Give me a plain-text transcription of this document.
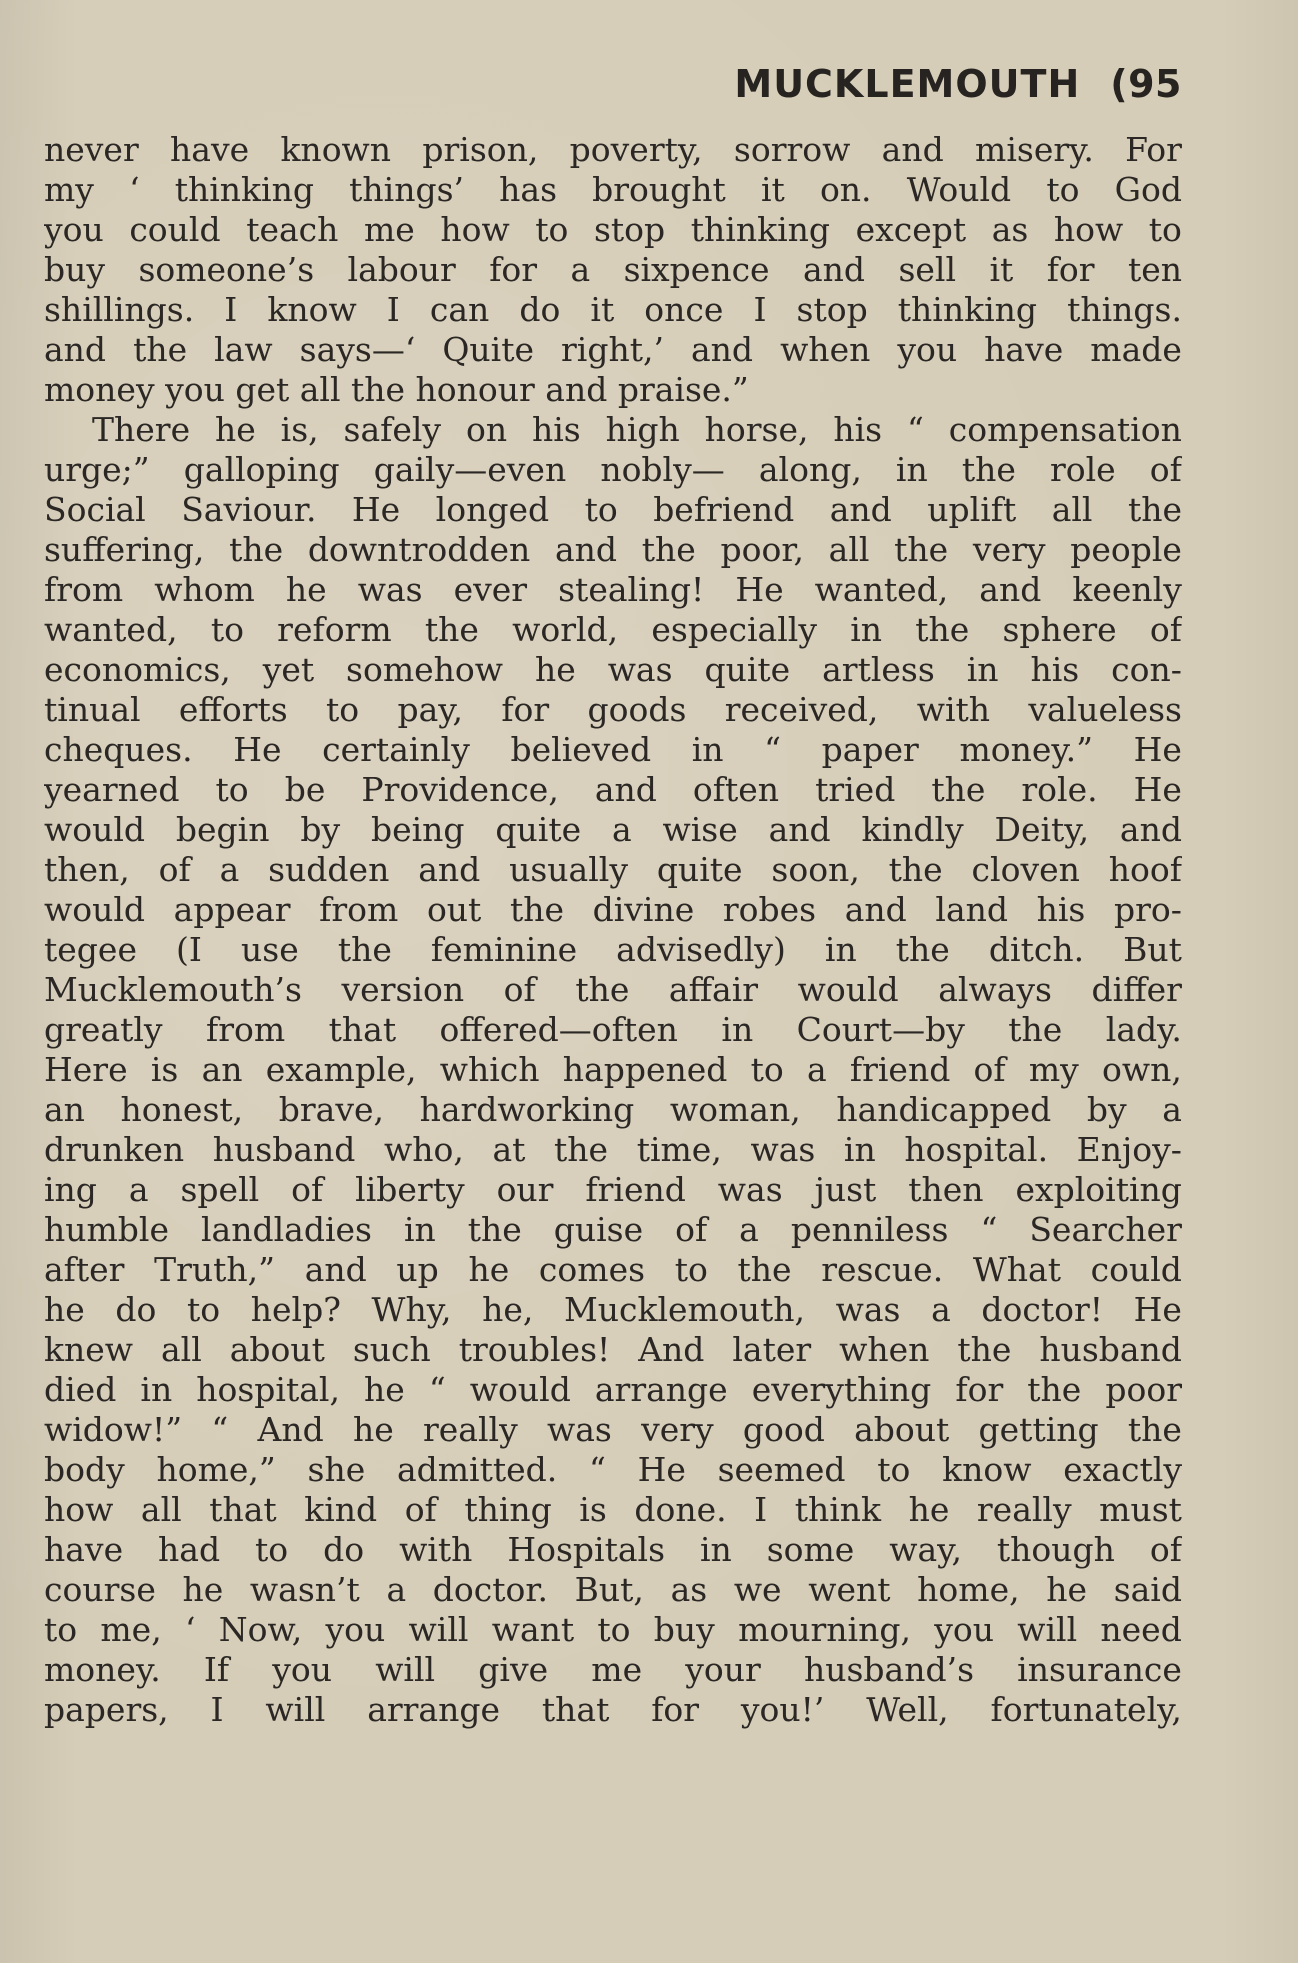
MUCKLEMOUTH (95
never have known prison, poverty, sorrow and misery. For
my ‘ thinking things’ has brought it on. Would to God
you could teach me how to stop thinking except as how to
buy someone’s labour for a sixpence and sell it for ten
shillings. I know I can do it once I stop thinking things.
and the law says—‘ Quite right,’ and when you have made
money you get all the honour and praise.”
There he is, safely on his high horse, his “ compensation
urge;” galloping gaily—even nobly— along, in the role of
Social Saviour. He longed to befriend and uplift all the
suffering, the downtrodden and the poor, all the very people
from whom he was ever stealing! He wanted, and keenly
wanted, to reform the world, especially in the sphere of
economics, yet somehow he was quite artless in his con-
tinual efforts to pay, for goods received, with valueless
cheques. He certainly believed in “ paper money.” He
yearned to be Providence, and often tried the role. He
would begin by being quite a wise and kindly Deity, and
then, of a sudden and usually quite soon, the cloven hoof
would appear from out the divine robes and land his pro-
tegee (I use the feminine advisedly) in the ditch. But
Mucklemouth’s version of the affair would always differ
greatly from that offered—often in Court—by the lady.
Here is an example, which happened to a friend of my own,
an honest, brave, hardworking woman, handicapped by a
drunken husband who, at the time, was in hospital. Enjoy-
ing a spell of liberty our friend was just then exploiting
humble landladies in the guise of a penniless “ Searcher
after Truth,” and up he comes to the rescue. What could
he do to help? Why, he, Mucklemouth, was a doctor! He
knew all about such troubles! And later when the husband
died in hospital, he “ would arrange everything for the poor
widow!” “ And he really was very good about getting the
body home,” she admitted. “ He seemed to know exactly
how all that kind of thing is done. I think he really must
have had to do with Hospitals in some way, though of
course he wasn’t a doctor. But, as we went home, he said
to me, ‘ Now, you will want to buy mourning, you will need
money. If you will give me your husband’s insurance
papers, I will arrange that for you!’ Well, fortunately,
